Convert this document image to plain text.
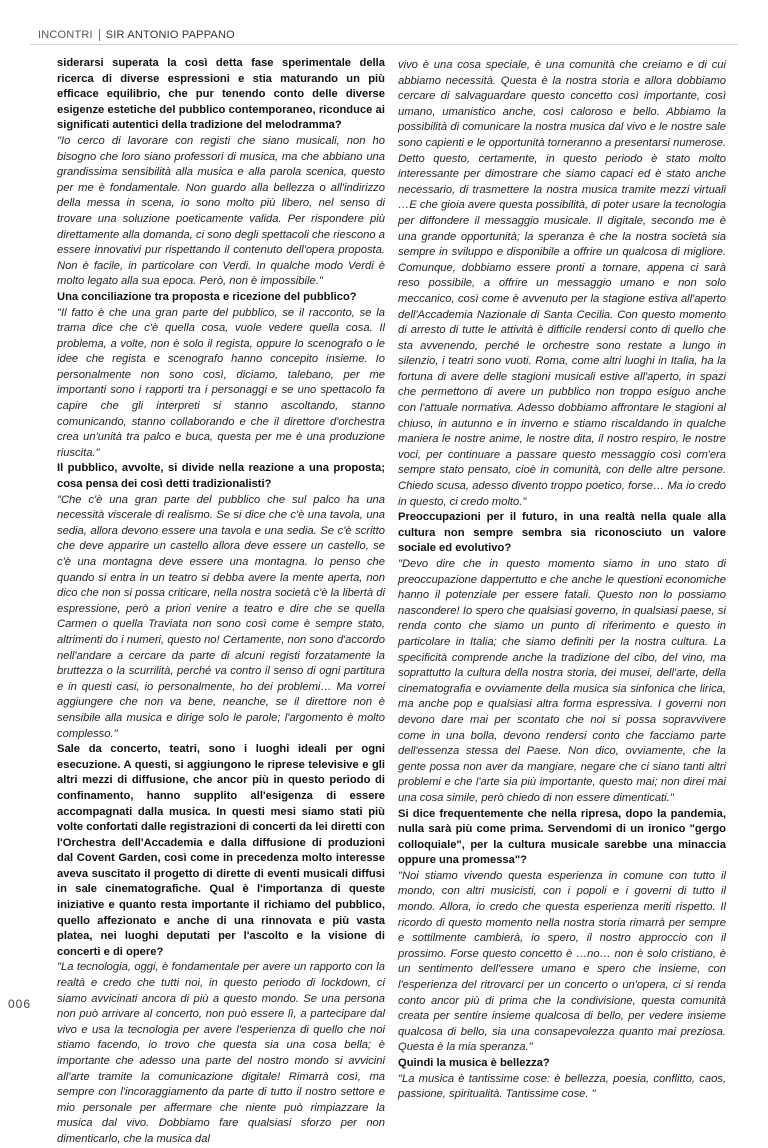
INCONTRI SIR ANTONIO PAPPANO

siderarsi superata la così detta fase sperimentale della ricerca di diverse espressioni e stia maturando un più efficace equilibrio, che pur tenendo conto delle diverse esigenze estetiche del pubblico contemporaneo, riconduce ai significati autentici della tradizione del melodramma?

"Io cerco di lavorare con registi che siano musicali, non ho bisogno che loro siano professori di musica, ma che abbiano una grandissima sensibilità alla musica e alla parola scenica, questo per me è fondamentale. Non guardo alla bellezza o all'indirizzo della messa in scena, io sono molto più libero, nel senso di trovare una soluzione poeticamente valida. Per rispondere più direttamente alla domanda, ci sono degli spettacoli che riescono a essere innovativi pur rispettando il contenuto dell'opera proposta. Non è facile, in particolare con Verdi. In qualche modo Verdi è molto legato alla sua epoca. Però, non è impossibile."

Una conciliazione tra proposta e ricezione del pubblico?

"Il fatto è che una gran parte del pubblico, se il racconto, se la trama dice che c'è quella cosa, vuole vedere quella cosa. Il problema, a volte, non è solo il regista, oppure lo scenografo o le idee che regista e scenografo hanno concepito insieme. Io personalmente non sono così, diciamo, talebano, per me importanti sono i rapporti tra i personaggi e se uno spettacolo fa capire che gli interpreti si stanno ascoltando, stanno comunicando, stanno collaborando e che il direttore d'orchestra crea un'unità tra palco e buca, questa per me è una produzione riuscita."

Il pubblico, avvolte, si divide nella reazione a una proposta; cosa pensa dei così detti tradizionalisti?

"Che c'è una gran parte del pubblico che sul palco ha una necessità viscerale di realismo. Se si dice che c'è una tavola, una sedia, allora devono essere una tavola e una sedia. Se c'è scritto che deve apparire un castello allora deve essere un castello, se c'è una montagna deve essere una montagna. Io penso che quando si entra in un teatro si debba avere la mente aperta, non dico che non si possa criticare, nella nostra società c'è la libertà di espressione, però a priori venire a teatro e dire che se quella Carmen o quella Traviata non sono così come è sempre stato, altrimenti do i numeri, questo no! Certamente, non sono d'accordo nell'andare a cercare da parte di alcuni registi forzatamente la bruttezza o la scurrilità, perché va contro il senso di ogni partitura e in questi casi, io personalmente, ho dei problemi… Ma vorrei aggiungere che non va bene, neanche, se il direttore non è sensibile alla musica e dirige solo le parole; l'argomento è molto complesso."

Sale da concerto, teatri, sono i luoghi ideali per ogni esecuzione. A questi, si aggiungono le riprese televisive e gli altri mezzi di diffusione, che ancor più in questo periodo di confinamento, hanno supplito all'esigenza di essere accompagnati dalla musica. In questi mesi siamo stati più volte confortati dalle registrazioni di concerti da lei diretti con l'Orchestra dell'Accademia e dalla diffusione di produzioni dal Covent Garden, così come in precedenza molto interesse aveva suscitato il progetto di dirette di eventi musicali diffusi in sale cinematografiche. Qual è l'importanza di queste iniziative e quanto resta importante il richiamo del pubblico, quello affezionato e anche di una rinnovata e più vasta platea, nei luoghi deputati per l'ascolto e la visione di concerti e di opere?

"La tecnologia, oggi, è fondamentale per avere un rapporto con la realtà e credo che tutti noi, in questo periodo di lockdown, ci siamo avvicinati ancora di più a questo mondo. Se una persona non può arrivare al concerto, non può essere lì, a partecipare dal vivo e usa la tecnologia per avere l'esperienza di quello che noi stiamo facendo, io trovo che questa sia una cosa bella; è importante che adesso una parte del nostro mondo si avvicini all'arte tramite la comunicazione digitale! Rimarrà così, ma sempre con l'incoraggiamento da parte di tutto il nostro settore e mio personale per affermare che niente può rimpiazzare la musica dal vivo. Dobbiamo fare qualsiasi sforzo per non dimenticarlo, che la musica dal

vivo è una cosa speciale, è una comunità che creiamo e di cui abbiamo necessità. Questa è la nostra storia e allora dobbiamo cercare di salvaguardare questo concetto così importante, così umano, umanistico anche, così caloroso e bello. Abbiamo la possibilità di comunicare la nostra musica dal vivo e le nostre sale sono capienti e le opportunità torneranno a presentarsi numerose. Detto questo, certamente, in questo periodo è stato molto interessante per dimostrare che siamo capaci ed è stato anche necessario, di trasmettere la nostra musica tramite mezzi virtuali …E che gioia avere questa possibilità, di poter usare la tecnologia per diffondere il messaggio musicale. Il digitale, secondo me è una grande opportunità; la speranza è che la nostra società sia sempre in sviluppo e disponibile a offrire un qualcosa di migliore. Comunque, dobbiamo essere pronti a tornare, appena ci sarà reso possibile, a offrire un messaggio umano e non solo meccanico, così come è avvenuto per la stagione estiva all'aperto dell'Accademia Nazionale di Santa Cecilia. Con questo momento di arresto di tutte le attività è difficile rendersi conto di quello che sta avvenendo, perché le orchestre sono restate a lungo in silenzio, i teatri sono vuoti. Roma, come altri luoghi in Italia, ha la fortuna di avere delle stagioni musicali estive all'aperto, in spazi che permettono di avere un pubblico non troppo esiguo anche con l'attuale normativa. Adesso dobbiamo affrontare le stagioni al chiuso, in autunno e in inverno e stiamo riscaldando in qualche maniera le nostre anime, le nostre dita, il nostro respiro, le nostre voci, per continuare a passare questo messaggio così com'era sempre stato pensato, cioè in comunità, con delle altre persone. Chiedo scusa, adesso divento troppo poetico, forse… Ma io credo in questo, ci credo molto."

Preoccupazioni per il futuro, in una realtà nella quale alla cultura non sempre sembra sia riconosciuto un valore sociale ed evolutivo?

"Devo dire che in questo momento siamo in uno stato di preoccupazione dappertutto e che anche le questioni economiche hanno il potenziale per essere fatali. Questo non lo possiamo nascondere! Io spero che qualsiasi governo, in qualsiasi paese, si renda conto che siamo un punto di riferimento e questo in particolare in Italia; che siamo definiti per la nostra cultura. La specificità comprende anche la tradizione del cibo, del vino, ma soprattutto la cultura della nostra storia, dei musei, dell'arte, della cinematografia e ovviamente della musica sia sinfonica che lirica, ma anche pop e qualsiasi altra forma espressiva. I governi non devono dare mai per scontato che noi si possa sopravvivere come in una bolla, devono rendersi conto che facciamo parte dell'essenza stessa del Paese. Non dico, ovviamente, che la gente possa non aver da mangiare, negare che ci siano tanti altri problemi e che l'arte sia più importante, questo mai; non direi mai una cosa simile, però chiedo di non essere dimenticati."

Si dice frequentemente che nella ripresa, dopo la pandemia, nulla sarà più come prima. Servendomi di un ironico "gergo colloquiale", per la cultura musicale sarebbe una minaccia oppure una promessa"?

"Noi stiamo vivendo questa esperienza in comune con tutto il mondo, con altri musicisti, con i popoli e i governi di tutto il mondo. Allora, io credo che questa esperienza meriti rispetto. Il ricordo di questo momento nella nostra storia rimarrà per sempre e sottilmente cambierà, io spero, il nostro approccio con il prossimo. Forse questo concetto è …no… non è solo cristiano, è un sentimento dell'essere umano e spero che insieme, con l'esperienza del ritrovarci per un concerto o un'opera, ci si renda conto ancor più di prima che la condivisione, questa comunità creata per sentire insieme qualcosa di bello, per vedere insieme qualcosa di bello, sia una consapevolezza quanto mai preziosa. Questa è la mia speranza."

Quindi la musica è bellezza?

"La musica è tantissime cose: è bellezza, poesia, conflitto, caos, passione, spiritualità. Tantissime cose. "

006
